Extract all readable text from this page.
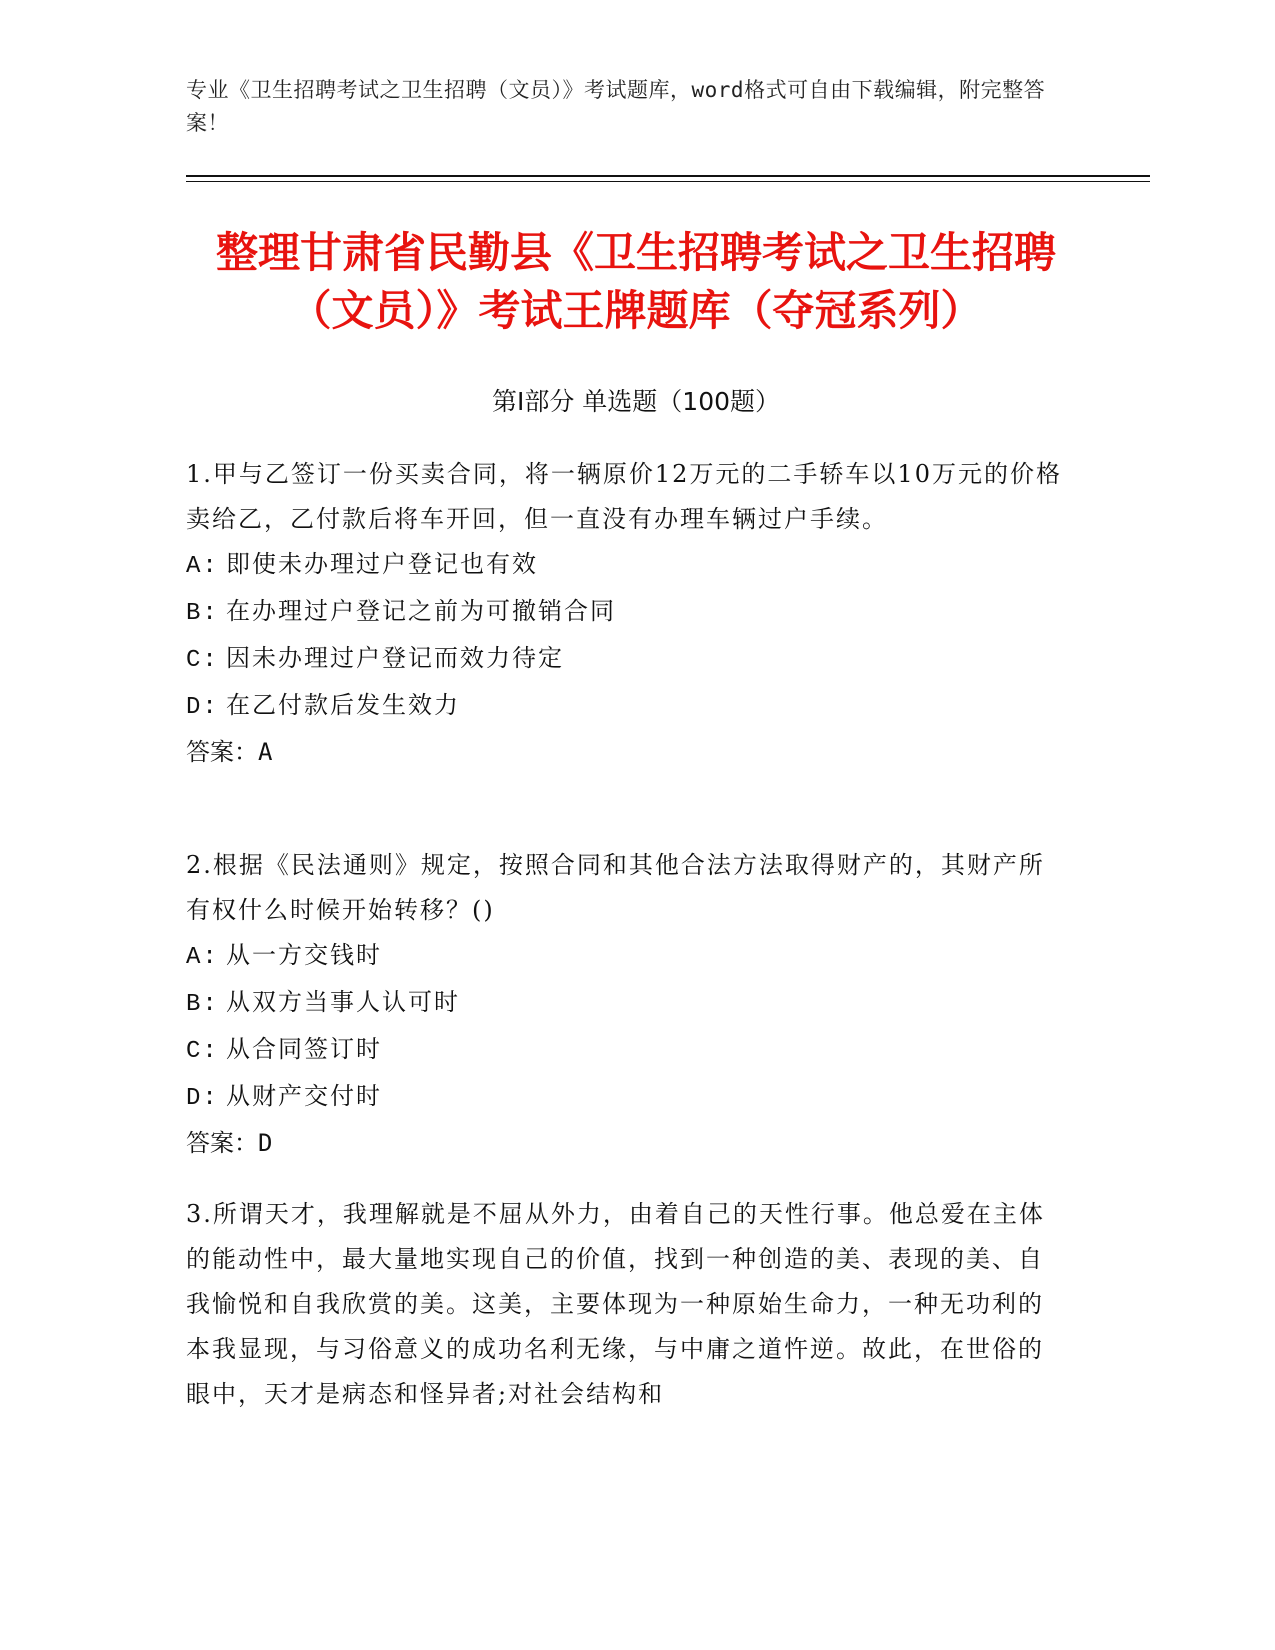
专业《卫生招聘考试之卫生招聘（文员）》考试题库，word格式可自由下载编辑，附完整答案！
整理甘肃省民勤县《卫生招聘考试之卫生招聘（文员）》考试王牌题库（夺冠系列）
第Ⅰ部分 单选题（100题）
1.甲与乙签订一份买卖合同，将一辆原价12万元的二手轿车以10万元的价格卖给乙，乙付款后将车开回，但一直没有办理车辆过户手续。
A: 即使未办理过户登记也有效
B: 在办理过户登记之前为可撤销合同
C: 因未办理过户登记而效力待定
D: 在乙付款后发生效力
答案：A
2.根据《民法通则》规定，按照合同和其他合法方法取得财产的，其财产所有权什么时候开始转移？()
A: 从一方交钱时
B: 从双方当事人认可时
C: 从合同签订时
D: 从财产交付时
答案：D
3.所谓天才，我理解就是不屈从外力，由着自己的天性行事。他总爱在主体的能动性中，最大量地实现自己的价值，找到一种创造的美、表现的美、自我愉悦和自我欣赏的美。这美，主要体现为一种原始生命力，一种无功利的本我显现，与习俗意义的成功名利无缘，与中庸之道忤逆。故此，在世俗的眼中，天才是病态和怪异者;对社会结构和
